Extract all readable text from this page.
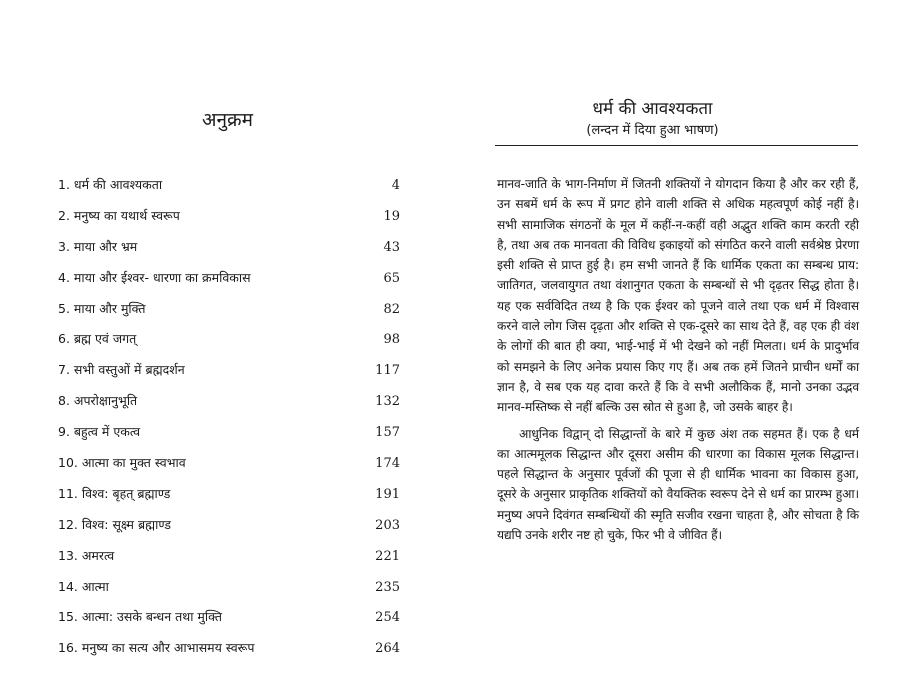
अनुक्रम
1. धर्म की आवश्यकता	4
2. मनुष्य का यथार्थ स्वरूप	19
3. माया और भ्रम	43
4. माया और ईश्वर- धारणा का क्रमविकास	65
5. माया और मुक्ति	82
6. ब्रह्म एवं जगत्	98
7. सभी वस्तुओं में ब्रह्मदर्शन	117
8. अपरोक्षानुभूति	132
9. बहुत्व में एकत्व	157
10. आत्मा का मुक्त स्वभाव	174
11. विश्व: बृहत् ब्रह्माण्ड	191
12. विश्व: सूक्ष्म ब्रह्माण्ड	203
13. अमरत्व	221
14. आत्मा	235
15. आत्मा: उसके बन्धन तथा मुक्ति	254
16. मनुष्य का सत्य और आभासमय स्वरूप	264
धर्म की आवश्यकता
(लन्दन में दिया हुआ भाषण)

मानव-जाति के भाग-निर्माण में जितनी शक्तियों ने योगदान किया है और कर रही हैं, उन सबमें धर्म के रूप में प्रगट होने वाली शक्ति से अधिक महत्वपूर्ण कोई नहीं है। सभी सामाजिक संगठनों के मूल में कहीं-न-कहीं वही अद्भुत शक्ति काम करती रही है, तथा अब तक मानवता की विविध इकाइयों को संगठित करने वाली सर्वश्रेष्ठ प्रेरणा इसी शक्ति से प्राप्त हुई है। हम सभी जानते हैं कि धार्मिक एकता का सम्बन्ध प्राय: जातिगत, जलवायुगत तथा वंशानुगत एकता के सम्बन्धों से भी दृढ़तर सिद्ध होता है। यह एक सर्वविदित तथ्य है कि एक ईश्वर को पूजने वाले तथा एक धर्म में विश्वास करने वाले लोग जिस दृढ़ता और शक्ति से एक-दूसरे का साथ देते हैं, वह एक ही वंश के लोगों की बात ही क्या, भाई-भाई में भी देखने को नहीं मिलता। धर्म के प्रादुर्भाव को समझने के लिए अनेक प्रयास किए गए हैं। अब तक हमें जितने प्राचीन धर्मों का ज्ञान है, वे सब एक यह दावा करते हैं कि वे सभी अलौकिक हैं, मानो उनका उद्भव मानव-मस्तिष्क से नहीं बल्कि उस स्रोत से हुआ है, जो उसके बाहर है।

आधुनिक विद्वान् दो सिद्धान्तों के बारे में कुछ अंश तक सहमत हैं। एक है धर्म का आत्ममूलक सिद्धान्त और दूसरा असीम की धारणा का विकास मूलक सिद्धान्त। पहले सिद्धान्त के अनुसार पूर्वजों की पूजा से ही धार्मिक भावना का विकास हुआ, दूसरे के अनुसार प्राकृतिक शक्तियों को वैयक्तिक स्वरूप देने से धर्म का प्रारम्भ हुआ। मनुष्य अपने दिवंगत सम्बन्धियों की स्मृति सजीव रखना चाहता है, और सोचता है कि यद्यपि उनके शरीर नष्ट हो चुके, फिर भी वे जीवित हैं।
